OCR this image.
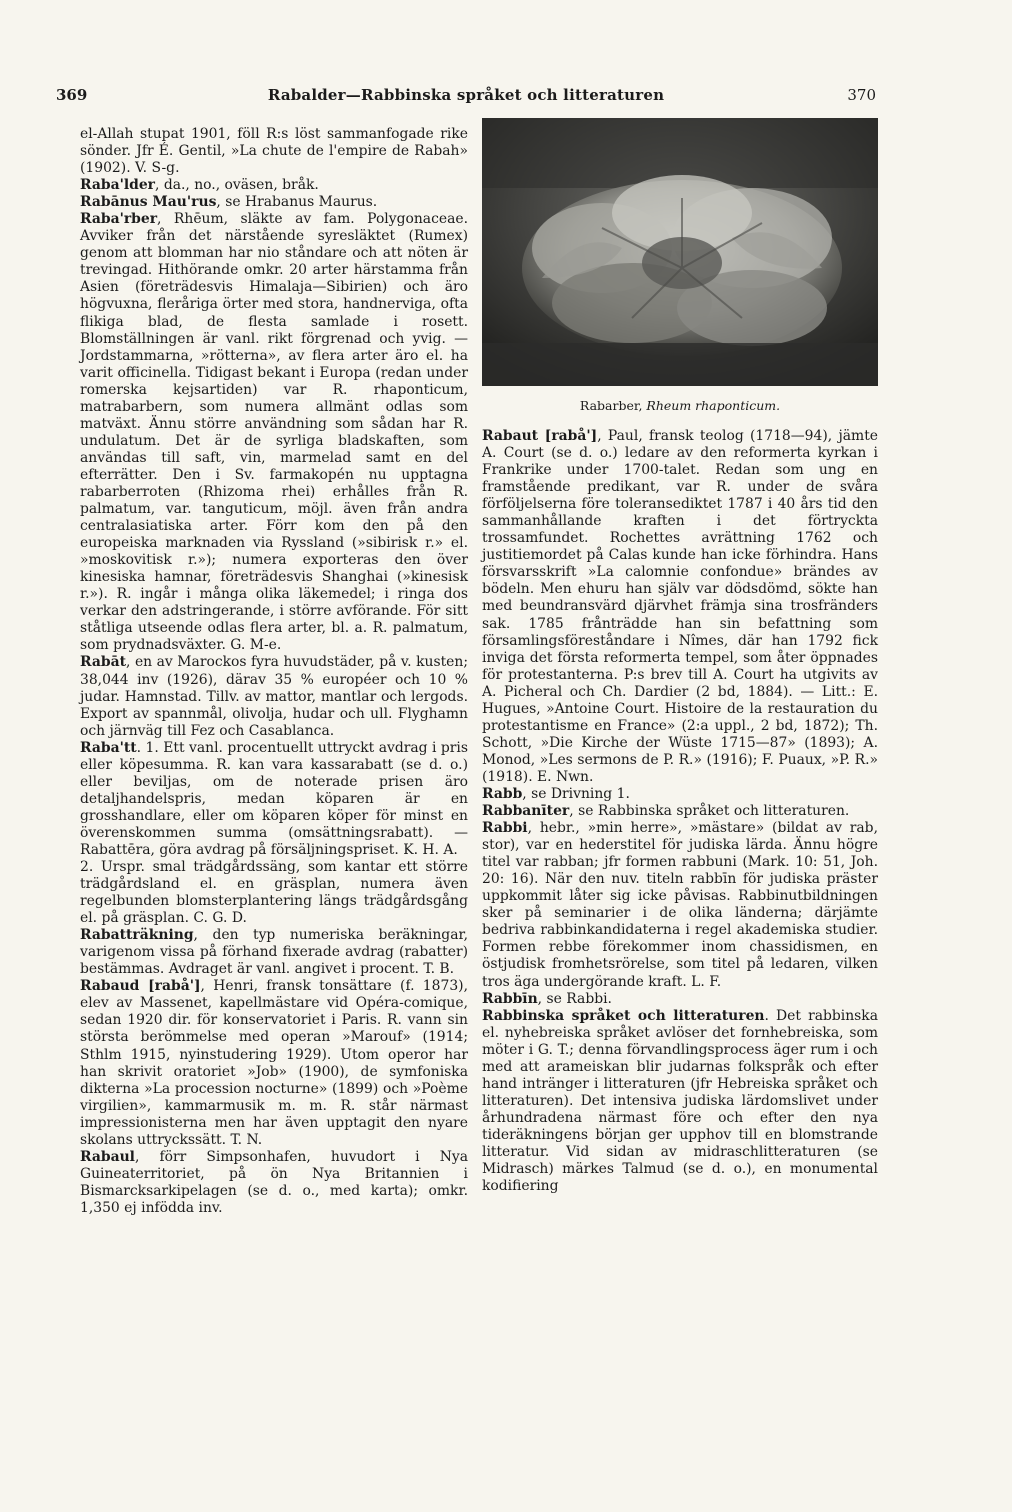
369	Rabalder—Rabbinska språket och litteraturen	370
Rabarber, Rheum rhaponticum.

el-Allah stupat 1901, föll R:s löst sammanfogade rike sönder. Jfr É. Gentil, »La chute de l'empire de Rabah» (1902). V. S-g.

Raba'lder, da., no., oväsen, bråk.

Rabānus Mau'rus, se Hrabanus Maurus.

Raba'rber, Rhēum, släkte av fam. Polygonaceae. Avviker från det närstående syresläktet (Rumex) genom att blomman har nio ståndare och att nöten är trevingad. Hithörande omkr. 20 arter härstamma från Asien (företrädesvis Himalaja—Sibirien) och äro högvuxna, fleråriga örter med stora, handnerviga, ofta flikiga blad, de flesta samlade i rosett. Blomställningen är vanl. rikt förgrenad och yvig. — Jordstammarna, »rötterna», av flera arter äro el. ha varit officinella. Tidigast bekant i Europa (redan under romerska kejsartiden) var R. rhaponticum, matrabarbern, som numera allmänt odlas som matväxt. Ännu större användning som sådan har R. undulatum. Det är de syrliga bladskaften, som användas till saft, vin, marmelad samt en del efterrätter. Den i Sv. farmakopén nu upptagna rabarberroten (Rhizoma rhei) erhålles från R. palmatum, var. tanguticum, möjl. även från andra centralasiatiska arter. Förr kom den på den europeiska marknaden via Ryssland (»sibirisk r.» el. »moskovitisk r.»); numera exporteras den över kinesiska hamnar, företrädesvis Shanghai (»kinesisk r.»). R. ingår i många olika läkemedel; i ringa dos verkar den adstringerande, i större avförande. För sitt ståtliga utseende odlas flera arter, bl. a. R. palmatum, som prydnadsväxter. G. M-e.

Rabāt, en av Marockos fyra huvudstäder, på v. kusten; 38,044 inv (1926), därav 35 % européer och 10 % judar. Hamnstad. Tillv. av mattor, mantlar och lergods. Export av spannmål, olivolja, hudar och ull. Flyghamn och järnväg till Fez och Casablanca.

Raba'tt. 1. Ett vanl. procentuellt uttryckt avdrag i pris eller köpesumma. R. kan vara kassarabatt (se d. o.) eller beviljas, om de noterade prisen äro detaljhandelspris, medan köparen är en grosshandlare, eller om köparen köper för minst en överenskommen summa (omsättningsrabatt). — Rabattēra, göra avdrag på försäljningspriset. K. H. A.

2. Urspr. smal trädgårdssäng, som kantar ett större trädgårdsland el. en gräsplan, numera även regelbunden blomsterplantering längs trädgårdsgång el. på gräsplan. C. G. D.

Rabatträkning, den typ numeriska beräkningar, varigenom vissa på förhand fixerade avdrag (rabatter) bestämmas. Avdraget är vanl. angivet i procent. T. B.

Rabaud [rabå'], Henri, fransk tonsättare (f. 1873), elev av Massenet, kapellmästare vid Opéra-comique, sedan 1920 dir. för konservatoriet i Paris. R. vann sin största berömmelse med operan »Marouf» (1914; Sthlm 1915, nyinstudering 1929). Utom operor har han skrivit oratoriet »Job» (1900), de symfoniska dikterna »La procession nocturne» (1899) och »Poème virgilien», kammarmusik m. m. R. står närmast impressionisterna men har även upptagit den nyare skolans uttryckssätt. T. N.

Rabaul, förr Simpsonhafen, huvudort i Nya Guineaterritoriet, på ön Nya Britannien i Bismarcksarkipelagen (se d. o., med karta); omkr. 1,350 ej infödda inv.

Rabaut [rabå'], Paul, fransk teolog (1718—94), jämte A. Court (se d. o.) ledare av den reformerta kyrkan i Frankrike under 1700-talet. Redan som ung en framstående predikant, var R. under de svåra förföljelserna före toleransediktet 1787 i 40 års tid den sammanhållande kraften i det förtryckta trossamfundet. Rochettes avrättning 1762 och justitiemordet på Calas kunde han icke förhindra. Hans försvarsskrift »La calomnie confondue» brändes av bödeln. Men ehuru han själv var dödsdömd, sökte han med beundransvärd djärvhet främja sina trosfränders sak. 1785 frånträdde han sin befattning som församlingsföreståndare i Nîmes, där han 1792 fick inviga det första reformerta tempel, som åter öppnades för protestanterna. P:s brev till A. Court ha utgivits av A. Picheral och Ch. Dardier (2 bd, 1884). — Litt.: E. Hugues, »Antoine Court. Histoire de la restauration du protestantisme en France» (2:a uppl., 2 bd, 1872); Th. Schott, »Die Kirche der Wüste 1715—87» (1893); A. Monod, »Les sermons de P. R.» (1916); F. Puaux, »P. R.» (1918). E. Nwn.

Rabb, se Drivning 1.

Rabbanīter, se Rabbinska språket och litteraturen.

Rabbi, hebr., »min herre», »mästare» (bildat av rab, stor), var en hederstitel för judiska lärda. Ännu högre titel var rabban; jfr formen rabbuni (Mark. 10: 51, Joh. 20: 16). När den nuv. titeln rabbīn för judiska präster uppkommit låter sig icke påvisas. Rabbinutbildningen sker på seminarier i de olika länderna; därjämte bedriva rabbinkandidaterna i regel akademiska studier. Formen rebbe förekommer inom chassidismen, en östjudisk fromhetsrörelse, som titel på ledaren, vilken tros äga undergörande kraft. L. F.

Rabbīn, se Rabbi.

Rabbinska språket och litteraturen. Det rabbinska el. nyhebreiska språket avlöser det fornhebreiska, som möter i G. T.; denna förvandlingsprocess äger rum i och med att arameiskan blir judarnas folkspråk och efter hand intränger i litteraturen (jfr Hebreiska språket och litteraturen). Det intensiva judiska lärdomslivet under århundradena närmast före och efter den nya tideräkningens början ger upphov till en blomstrande litteratur. Vid sidan av midraschlitteraturen (se Midrasch) märkes Talmud (se d. o.), en monumental kodifiering
